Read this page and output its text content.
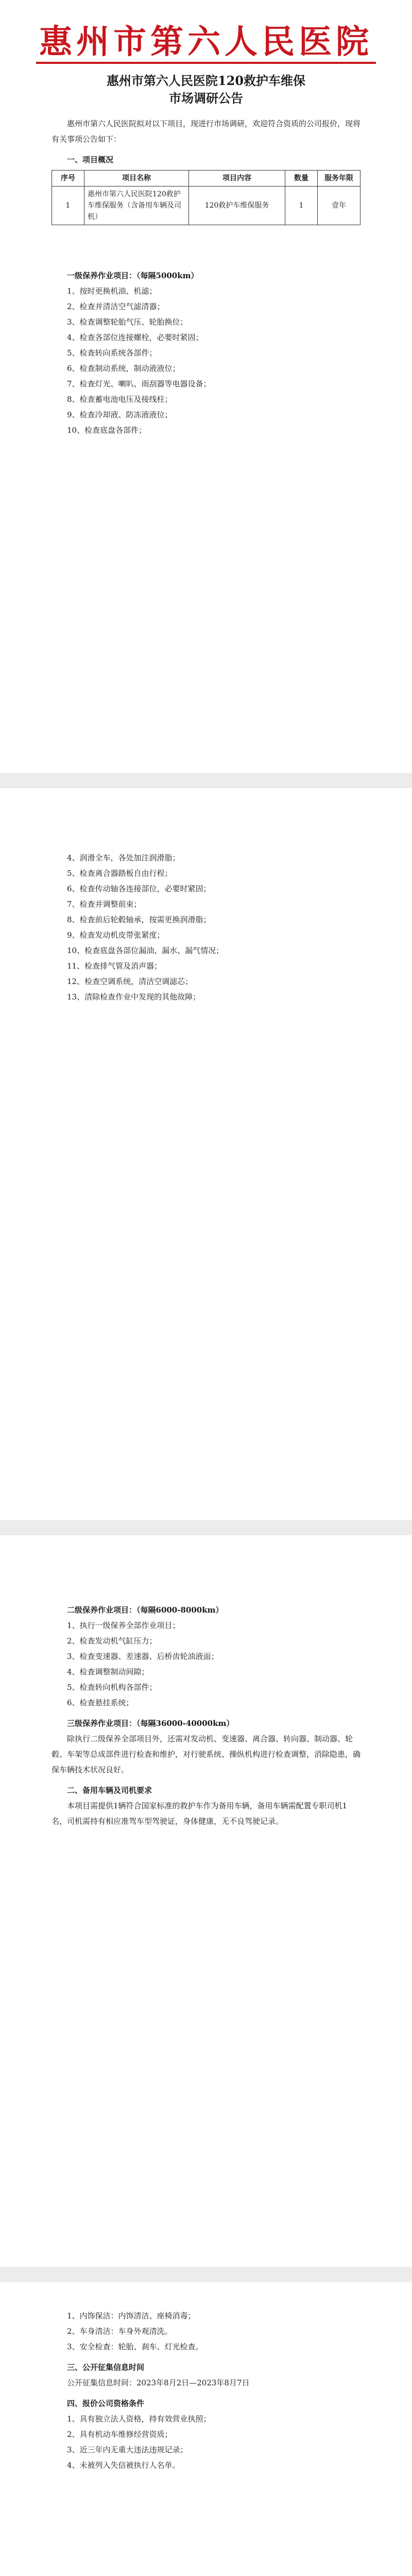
惠州市第六人民医院
惠州市第六人民医院120救护车维保
市场调研公告

惠州市第六人民医院拟对以下项目，现进行市场调研，欢迎符合资质的公司报价，现将有关事项公告如下：

一、项目概况

序号	项目名称	项目内容	数量	服务年限
1	惠州市第六人民医院120救护车维保服务（含备用车辆及司机）	120救护车维保服务	1	壹年

一级保养作业项目：（每隔5000km）

1、按时更换机油、机滤；

2、检查并清洁空气滤清器；

3、检查调整轮胎气压、轮胎换位；

4、检查各部位连接螺栓，必要时紧固；

5、检查转向系统各部件；

6、检查制动系统，制动液液位；

7、检查灯光、喇叭、雨刮器等电器设备；

8、检查蓄电池电压及接线柱；

9、检查冷却液、防冻液液位；

10、检查底盘各部件；

4、润滑全车，各处加注润滑脂；

5、检查离合器踏板自由行程；

6、检查传动轴各连接部位，必要时紧固；

7、检查并调整前束；

8、检查前后轮毂轴承，按需更换润滑脂；

9、检查发动机皮带张紧度；

10、检查底盘各部位漏油、漏水、漏气情况；

11、检查排气管及消声器；

12、检查空调系统，清洁空调滤芯；

13、清除检查作业中发现的其他故障；

二级保养作业项目：（每隔6000-8000km）

1、执行一级保养全部作业项目；

2、检查发动机气缸压力；

3、检查变速器、差速器、后桥齿轮油液面；

4、检查调整制动间隙；

5、检查转向机构各部件；

6、检查悬挂系统；

三级保养作业项目：（每隔36000-40000km）

除执行二级保养全部项目外，还需对发动机、变速器、离合器、转向器、制动器、轮毂、车架等总成部件进行检查和维护，对行驶系统、操纵机构进行检查调整，消除隐患，确保车辆技术状况良好。

二、备用车辆及司机要求

本项目需提供1辆符合国家标准的救护车作为备用车辆，备用车辆需配置专职司机1名，司机需持有相应准驾车型驾驶证，身体健康，无不良驾驶记录。

1、内饰保洁：内饰清洁、座椅消毒；

2、车身清洁：车身外观清洗。

3、安全检查：轮胎、刹车、灯光检查。

三、公开征集信息时间

公开征集信息时间：2023年8月2日—2023年8月7日

四、报价公司资格条件

1、具有独立法人资格，持有效营业执照；

2、具有机动车维修经营资质；

3、近三年内无重大违法违规记录；

4、未被列入失信被执行人名单。
